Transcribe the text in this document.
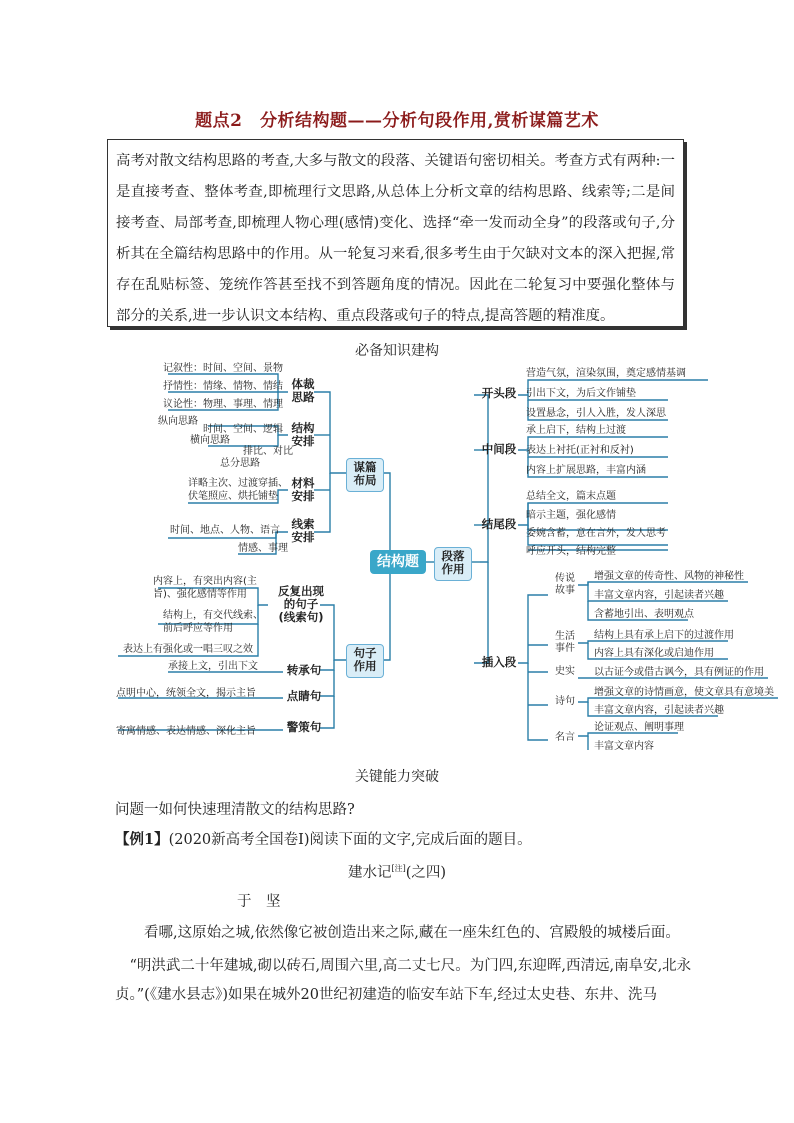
题点2　分析结构题——分析句段作用,赏析谋篇艺术
高考对散文结构思路的考查,大多与散文的段落、关键语句密切相关。考查方式有两种:一是直接考查、整体考查,即梳理行文思路,从总体上分析文章的结构思路、线索等;二是间接考查、局部考查,即梳理人物心理(感情)变化、选择“牵一发而动全身”的段落或句子,分析其在全篇结构思路中的作用。从一轮复习来看,很多考生由于欠缺对文本的深入把握,常存在乱贴标签、笼统作答甚至找不到答题角度的情况。因此在二轮复习中要强化整体与部分的关系,进一步认识文本结构、重点段落或句子的特点,提高答题的精准度。
必备知识建构
结构题
谋篇
布局
句子
作用
段落
作用
体裁
思路
记叙性：时间、空间、景物
抒情性：情缘、情物、情结
议论性：物理、事理、情理
结构
安排
纵向思路
时间、空间、逻辑
横向思路
排比、对比
总分思路
材料
安排
详略主次、过渡穿插、
伏笔照应、烘托铺垫
线索
安排
时间、地点、人物、语言
情感、事理
反复出现
的句子
(线索句)
内容上，有突出内容(主
旨)、强化感情等作用
结构上，有交代线索、
前后呼应等作用
表达上有强化或一唱三叹之效
转承句
承接上文，引出下文
点睛句
点明中心，统领全文，揭示主旨
警策句
寄寓情感、表达情感、深化主旨
开头段
营造气氛，渲染氛围，奠定感情基调
引出下文，为后文作铺垫
设置悬念，引人入胜，发人深思
中间段
承上启下，结构上过渡
表达上衬托(正衬和反衬)
内容上扩展思路，丰富内涵
结尾段
总结全文，篇末点题
暗示主题，强化感情
委婉含蓄，意在言外，发人思考
呼应开头，结构完整
插入段
传说
故事
增强文章的传奇性、风物的神秘性
丰富文章内容，引起读者兴趣
含蓄地引出、表明观点
生活
事件
结构上具有承上启下的过渡作用
内容上具有深化或启迪作用
史实	以古证今或借古讽今，具有例证的作用
诗句
增强文章的诗情画意，使文章具有意境美
丰富文章内容，引起读者兴趣
名言
论证观点、阐明事理
丰富文章内容
关键能力突破
问题一如何快速理清散文的结构思路?
【例1】(2020新高考全国卷Ⅰ)阅读下面的文字,完成后面的题目。
建水记[注](之四)
于　坚
看哪,这原始之城,依然像它被创造出来之际,藏在一座朱红色的、宫殿般的城楼后面。
“明洪武二十年建城,砌以砖石,周围六里,高二丈七尺。为门四,东迎晖,西清远,南阜安,北永贞。”(《建水县志》)如果在城外20世纪初建造的临安车站下车,经过太史巷、东井、洗马
